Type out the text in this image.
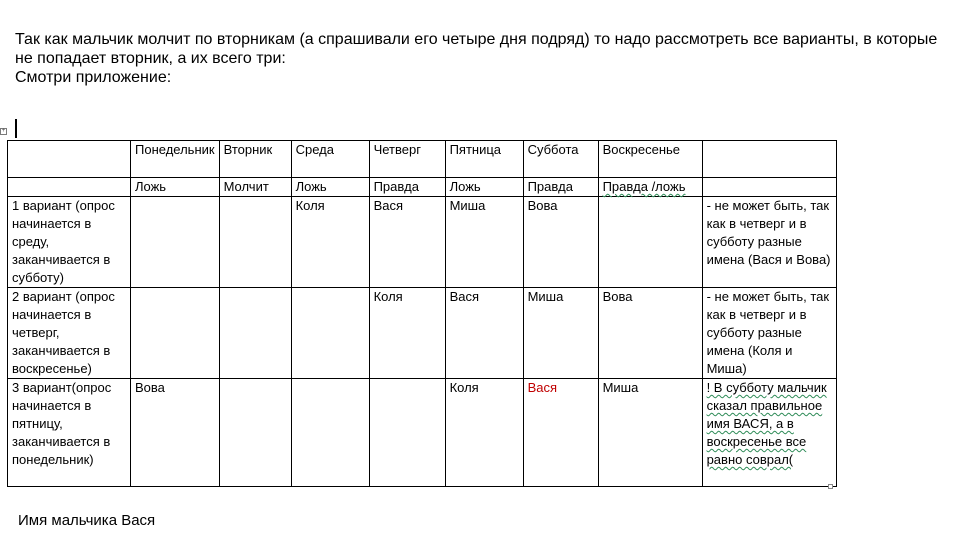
Так как мальчик молчит по вторникам (а спрашивали его четыре дня подряд) то надо рассмотреть все варианты, в которые не попадает вторник, а их всего три:

Смотри приложение:

+
	Понедельник	Вторник	Среда	Четверг	Пятница	Суббота	Воскресенье	
	Ложь	Молчит	Ложь	Правда	Ложь	Правда	Правда /ложь	
1 вариант (опрос начинается в среду, заканчивается в субботу)			Коля	Вася	Миша	Вова		- не может быть, так как в четверг и в субботу разные имена (Вася и Вова)
2 вариант (опрос начинается в четверг, заканчивается в воскресенье)				Коля	Вася	Миша	Вова	- не может быть, так как в четверг и в субботу разные имена (Коля и Миша)
3 вариант(опрос начинается в пятницу, заканчивается в понедельник)	Вова				Коля	Вася	Миша	! В субботу мальчик сказал правильное имя ВАСЯ, а в воскресенье все равно соврал(
Имя мальчика Вася
